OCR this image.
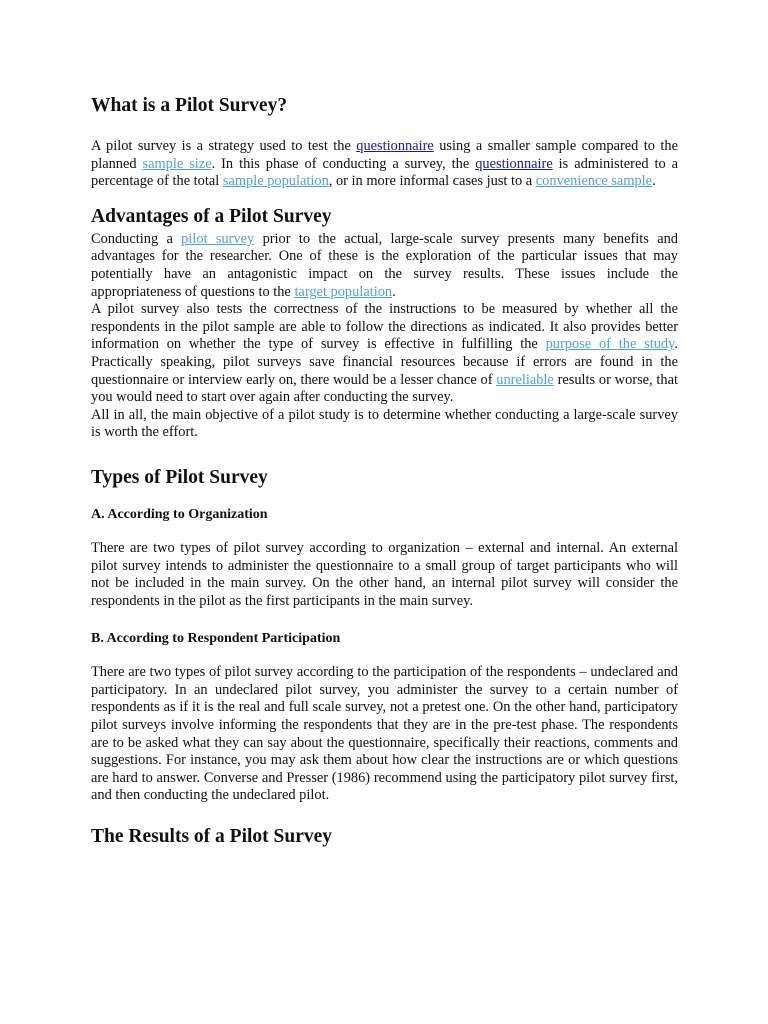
What is a Pilot Survey?

A pilot survey is a strategy used to test the questionnaire using a smaller sample compared to the planned sample size. In this phase of conducting a survey, the questionnaire is administered to a percentage of the total sample population, or in more informal cases just to a convenience sample.

Advantages of a Pilot Survey

Conducting a pilot survey prior to the actual, large-scale survey presents many benefits and advantages for the researcher. One of these is the exploration of the particular issues that may potentially have an antagonistic impact on the survey results. These issues include the appropriateness of questions to the target population.

A pilot survey also tests the correctness of the instructions to be measured by whether all the respondents in the pilot sample are able to follow the directions as indicated. It also provides better information on whether the type of survey is effective in fulfilling the purpose of the study. Practically speaking, pilot surveys save financial resources because if errors are found in the questionnaire or interview early on, there would be a lesser chance of unreliable results or worse, that you would need to start over again after conducting the survey.

All in all, the main objective of a pilot study is to determine whether conducting a large-scale survey is worth the effort.

Types of Pilot Survey
A. According to Organization

There are two types of pilot survey according to organization – external and internal. An external pilot survey intends to administer the questionnaire to a small group of target participants who will not be included in the main survey. On the other hand, an internal pilot survey will consider the respondents in the pilot as the first participants in the main survey.

B. According to Respondent Participation

There are two types of pilot survey according to the participation of the respondents – undeclared and participatory. In an undeclared pilot survey, you administer the survey to a certain number of respondents as if it is the real and full scale survey, not a pretest one. On the other hand, participatory pilot surveys involve informing the respondents that they are in the pre-test phase. The respondents are to be asked what they can say about the questionnaire, specifically their reactions, comments and suggestions. For instance, you may ask them about how clear the instructions are or which questions are hard to answer. Converse and Presser (1986) recommend using the participatory pilot survey first, and then conducting the undeclared pilot.

The Results of a Pilot Survey
